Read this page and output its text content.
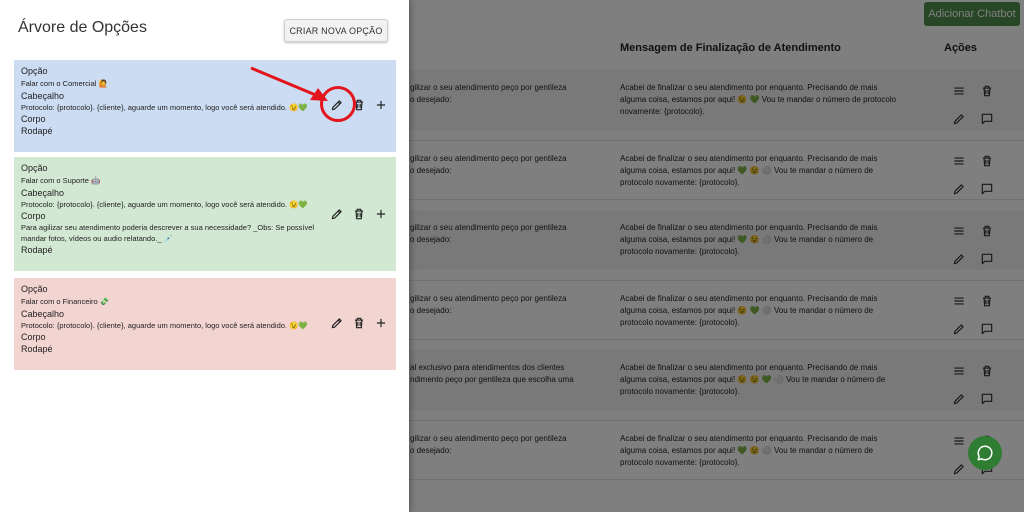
Árvore de Opções	CRIAR NOVA OPÇÃO
Opção
Falar com o Comercial 🙋
Cabeçalho
Protocolo: {protocolo}. {cliente}, aguarde um momento, logo você será atendido. 😉💚
Corpo
Rodapé
Opção
Falar com o Suporte 🤖
Cabeçalho
Protocolo: {protocolo}. {cliente}, aguarde um momento, logo você será atendido. 😉💚
Corpo
Para agilizar seu atendimento poderia descrever a sua necessidade? _Obs: Se possível mandar fotos, vídeos ou audio relatando._ 💉
Rodapé
Opção
Falar com o Financeiro 💸
Cabeçalho
Protocolo: {protocolo}. {cliente}, aguarde um momento, logo você será atendido. 😉💚
Corpo
Rodapé
